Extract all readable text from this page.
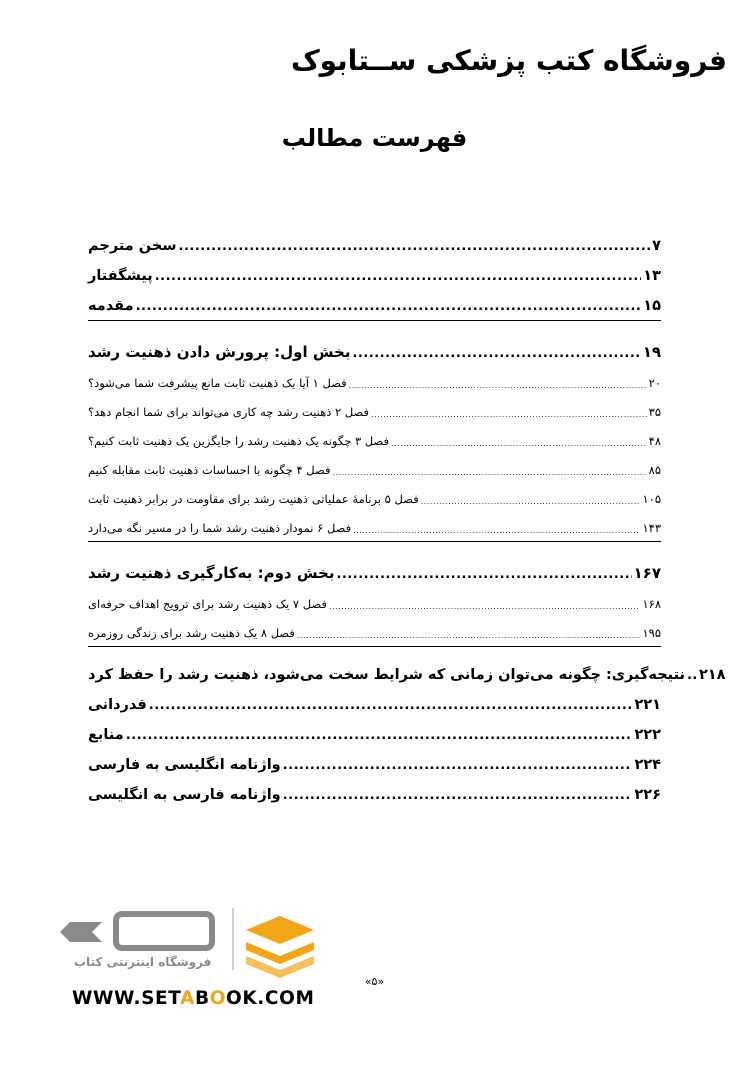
فروشگاه کتب پزشکی ســتابوک
فهرست مطالب
سخن مترجم .....	۷
پیشگفتار .....	۱۳
مقدمه .....	۱۵
بخش اول: پرورش دادن ذهنیت رشد .....	۱۹
فصل ۱ آیا یک ذهنیت ثابت مانع پیشرفت شما می‌شود؟ .....	۲۰
فصل ۲ ذهنیت رشد چه کاری می‌تواند برای شما انجام دهد؟ .....	۳۵
فصل ۳ چگونه یک ذهنیت رشد را جایگزین یک ذهنیت ثابت کنیم؟ .....	۴۸
فصل ۴ چگونه با احساسات ذهنیت ثابت مقابله کنیم .....	۸۵
فصل ۵ برنامهٔ عملیاتی ذهنیت رشد برای مقاومت در برابر ذهنیت ثابت .....	۱۰۵
فصل ۶ نمودار ذهنیت رشد شما را در مسیر نگه می‌دارد .....	۱۴۳
بخش دوم: به‌کارگیری ذهنیت رشد .....	۱۶۷
فصل ۷ یک ذهنیت رشد برای ترویج اهداف حرفه‌ای .....	۱۶۸
فصل ۸ یک ذهنیت رشد برای زندگی روزمره .....	۱۹۵
نتیجه‌گیری: چگونه می‌توان زمانی که شرایط سخت می‌شود، ذهنیت رشد را حفظ کرد ..... ۲۱۸
قدردانی .....	۲۲۱
منابع .....	۲۲۲
واژنامه انگلیسی به فارسی .....	۲۲۴
واژنامه فارسی به انگلیسی .....	۲۲۶
فروشگاه اینترنتی کتاب
WWW.SETABOOK.COM
«۵»
